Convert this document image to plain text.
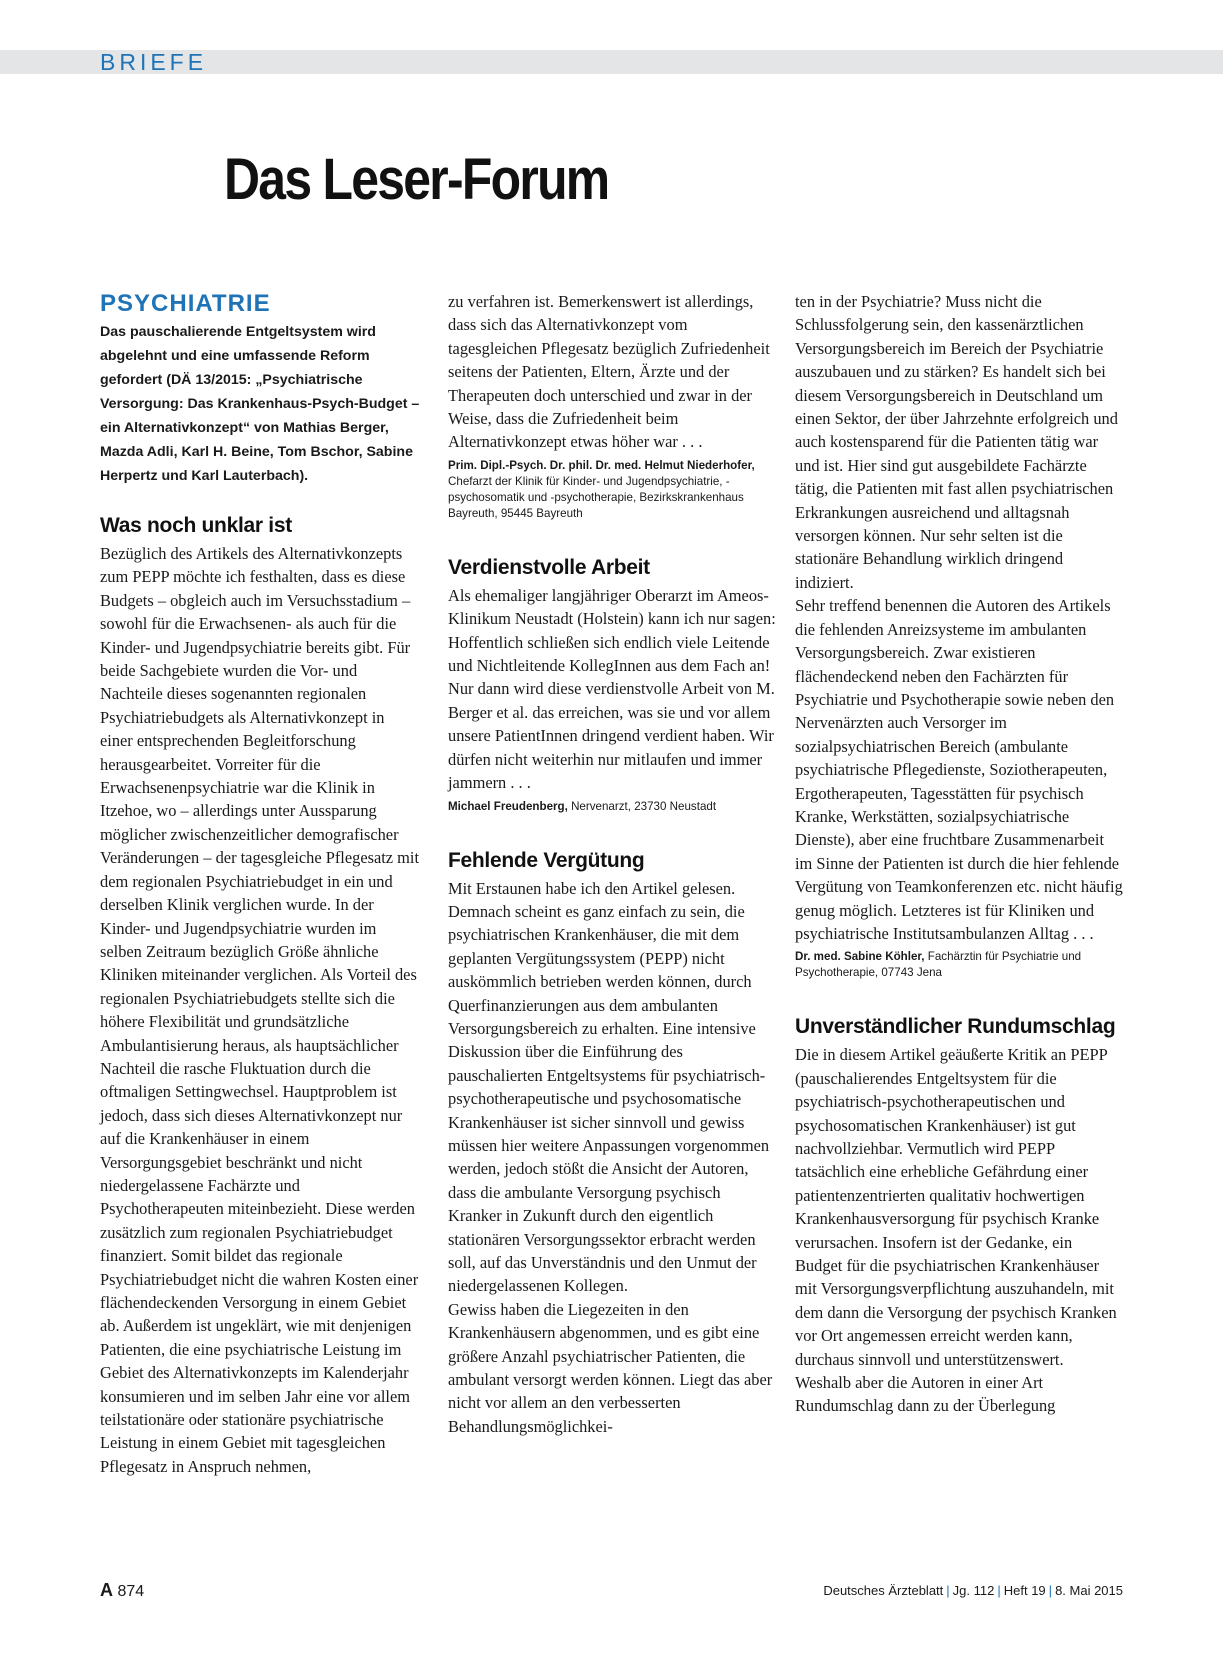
BRIEFE
Das Leser-Forum
PSYCHIATRIE

Das pauschalierende Entgeltsystem wird abgelehnt und eine umfassende Reform gefordert (DÄ 13/2015: „Psychiatrische Versorgung: Das Krankenhaus-Psych-Budget – ein Alternativkonzept“ von Mathias Berger, Mazda Adli, Karl H. Beine, Tom Bschor, Sabine Herpertz und Karl Lauterbach).

Was noch unklar ist

Bezüglich des Artikels des Alternativkonzepts zum PEPP möchte ich festhalten, dass es diese Budgets – obgleich auch im Versuchsstadium – sowohl für die Erwachsenen- als auch für die Kinder- und Jugendpsychiatrie bereits gibt. Für beide Sachgebiete wurden die Vor- und Nachteile dieses sogenannten regionalen Psychiatriebudgets als Alternativkonzept in einer entsprechenden Begleitforschung herausgearbeitet. Vorreiter für die Erwachsenenpsychiatrie war die Klinik in Itzehoe, wo – allerdings unter Aussparung möglicher zwischenzeitlicher demografischer Veränderungen – der tagesgleiche Pflegesatz mit dem regionalen Psychiatriebudget in ein und derselben Klinik verglichen wurde. In der Kinder- und Jugendpsychiatrie wurden im selben Zeitraum bezüglich Größe ähnliche Kliniken miteinander verglichen. Als Vorteil des regionalen Psychiatriebudgets stellte sich die höhere Flexibilität und grundsätzliche Ambulantisierung heraus, als hauptsächlicher Nachteil die rasche Fluktuation durch die oftmaligen Settingwechsel. Hauptproblem ist jedoch, dass sich dieses Alternativkonzept nur auf die Krankenhäuser in einem Versorgungsgebiet beschränkt und nicht niedergelassene Fachärzte und Psychotherapeuten miteinbezieht. Diese werden zusätzlich zum regionalen Psychiatriebudget finanziert. Somit bildet das regionale Psychiatriebudget nicht die wahren Kosten einer flächendeckenden Versorgung in einem Gebiet ab. Außerdem ist ungeklärt, wie mit denjenigen Patienten, die eine psychiatrische Leistung im Gebiet des Alternativkonzepts im Kalenderjahr konsumieren und im selben Jahr eine vor allem teilstationäre oder stationäre psychiatrische Leistung in einem Gebiet mit tagesgleichen Pflegesatz in Anspruch nehmen,

zu verfahren ist. Bemerkenswert ist allerdings, dass sich das Alternativkonzept vom tagesgleichen Pflegesatz bezüglich Zufriedenheit seitens der Patienten, Eltern, Ärzte und der Therapeuten doch unterschied und zwar in der Weise, dass die Zufriedenheit beim Alternativkonzept etwas höher war . . .

Prim. Dipl.-Psych. Dr. phil. Dr. med. Helmut Niederhofer, Chefarzt der Klinik für Kinder- und Jugendpsychiatrie, -psychosomatik und -psychotherapie, Bezirkskrankenhaus Bayreuth, 95445 Bayreuth

Verdienstvolle Arbeit

Als ehemaliger langjähriger Oberarzt im Ameos-Klinikum Neustadt (Holstein) kann ich nur sagen: Hoffentlich schließen sich endlich viele Leitende und Nichtleitende KollegInnen aus dem Fach an! Nur dann wird diese verdienstvolle Arbeit von M. Berger et al. das erreichen, was sie und vor allem unsere PatientInnen dringend verdient haben. Wir dürfen nicht weiterhin nur mitlaufen und immer jammern . . .

Michael Freudenberg, Nervenarzt, 23730 Neustadt

Fehlende Vergütung

Mit Erstaunen habe ich den Artikel gelesen. Demnach scheint es ganz einfach zu sein, die psychiatrischen Krankenhäuser, die mit dem geplanten Vergütungssystem (PEPP) nicht auskömmlich betrieben werden können, durch Querfinanzierungen aus dem ambulanten Versorgungsbereich zu erhalten. Eine intensive Diskussion über die Einführung des pauschalierten Entgeltsystems für psychiatrisch-psychotherapeutische und psychosomatische Krankenhäuser ist sicher sinnvoll und gewiss müssen hier weitere Anpassungen vorgenommen werden, jedoch stößt die Ansicht der Autoren, dass die ambulante Versorgung psychisch Kranker in Zukunft durch den eigentlich stationären Versorgungssektor erbracht werden soll, auf das Unverständnis und den Unmut der niedergelassenen Kollegen.

Gewiss haben die Liegezeiten in den Krankenhäusern abgenommen, und es gibt eine größere Anzahl psychiatrischer Patienten, die ambulant versorgt werden können. Liegt das aber nicht vor allem an den verbesserten Behandlungsmöglichkei-

ten in der Psychiatrie? Muss nicht die Schlussfolgerung sein, den kassenärztlichen Versorgungsbereich im Bereich der Psychiatrie auszubauen und zu stärken? Es handelt sich bei diesem Versorgungsbereich in Deutschland um einen Sektor, der über Jahrzehnte erfolgreich und auch kostensparend für die Patienten tätig war und ist. Hier sind gut ausgebildete Fachärzte tätig, die Patienten mit fast allen psychiatrischen Erkrankungen ausreichend und alltagsnah versorgen können. Nur sehr selten ist die stationäre Behandlung wirklich dringend indiziert.

Sehr treffend benennen die Autoren des Artikels die fehlenden Anreizsysteme im ambulanten Versorgungsbereich. Zwar existieren flächendeckend neben den Fachärzten für Psychiatrie und Psychotherapie sowie neben den Nervenärzten auch Versorger im sozialpsychiatrischen Bereich (ambulante psychiatrische Pflegedienste, Soziotherapeuten, Ergotherapeuten, Tagesstätten für psychisch Kranke, Werkstätten, sozialpsychiatrische Dienste), aber eine fruchtbare Zusammenarbeit im Sinne der Patienten ist durch die hier fehlende Vergütung von Teamkonferenzen etc. nicht häufig genug möglich. Letzteres ist für Kliniken und psychiatrische Institutsambulanzen Alltag . . .

Dr. med. Sabine Köhler, Fachärztin für Psychiatrie und Psychotherapie, 07743 Jena

Unverständlicher Rundumschlag

Die in diesem Artikel geäußerte Kritik an PEPP (pauschalierendes Entgeltsystem für die psychiatrisch-psychotherapeutischen und psychosomatischen Krankenhäuser) ist gut nachvollziehbar. Vermutlich wird PEPP tatsächlich eine erhebliche Gefährdung einer patientenzentrierten qualitativ hochwertigen Krankenhausversorgung für psychisch Kranke verursachen. Insofern ist der Gedanke, ein Budget für die psychiatrischen Krankenhäuser mit Versorgungsverpflichtung auszuhandeln, mit dem dann die Versorgung der psychisch Kranken vor Ort angemessen erreicht werden kann, durchaus sinnvoll und unterstützenswert. Weshalb aber die Autoren in einer Art Rundumschlag dann zu der Überlegung

A 874	Deutsches Ärzteblatt | Jg. 112 | Heft 19 | 8. Mai 2015
